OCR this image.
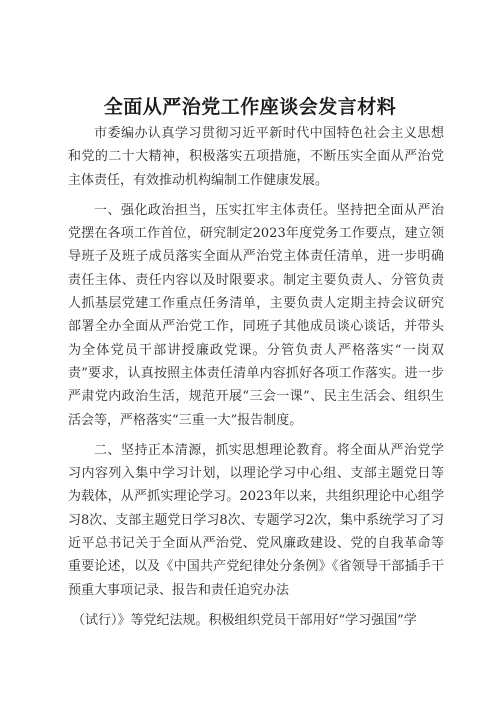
全面从严治党工作座谈会发言材料

市委编办认真学习贯彻习近平新时代中国特色社会主义思想和党的二十大精神，积极落实五项措施，不断压实全面从严治党主体责任，有效推动机构编制工作健康发展。

一、强化政治担当，压实扛牢主体责任。坚持把全面从严治党摆在各项工作首位，研究制定2023年度党务工作要点，建立领导班子及班子成员落实全面从严治党主体责任清单，进一步明确责任主体、责任内容以及时限要求。制定主要负责人、分管负责人抓基层党建工作重点任务清单，主要负责人定期主持会议研究部署全办全面从严治党工作，同班子其他成员谈心谈话，并带头为全体党员干部讲授廉政党课。分管负责人严格落实“一岗双责”要求，认真按照主体责任清单内容抓好各项工作落实。进一步严肃党内政治生活，规范开展“三会一课”、民主生活会、组织生活会等，严格落实“三重一大”报告制度。

二、坚持正本清源，抓实思想理论教育。将全面从严治党学习内容列入集中学习计划，以理论学习中心组、支部主题党日等为载体，从严抓实理论学习。2023年以来，共组织理论中心组学习8次、支部主题党日学习8次、专题学习2次，集中系统学习了习近平总书记关于全面从严治党、党风廉政建设、党的自我革命等重要论述，以及《中国共产党纪律处分条例》《省领导干部插手干预重大事项记录、报告和责任追究办法

（试行）》等党纪法规。积极组织党员干部用好“学习强国”学
